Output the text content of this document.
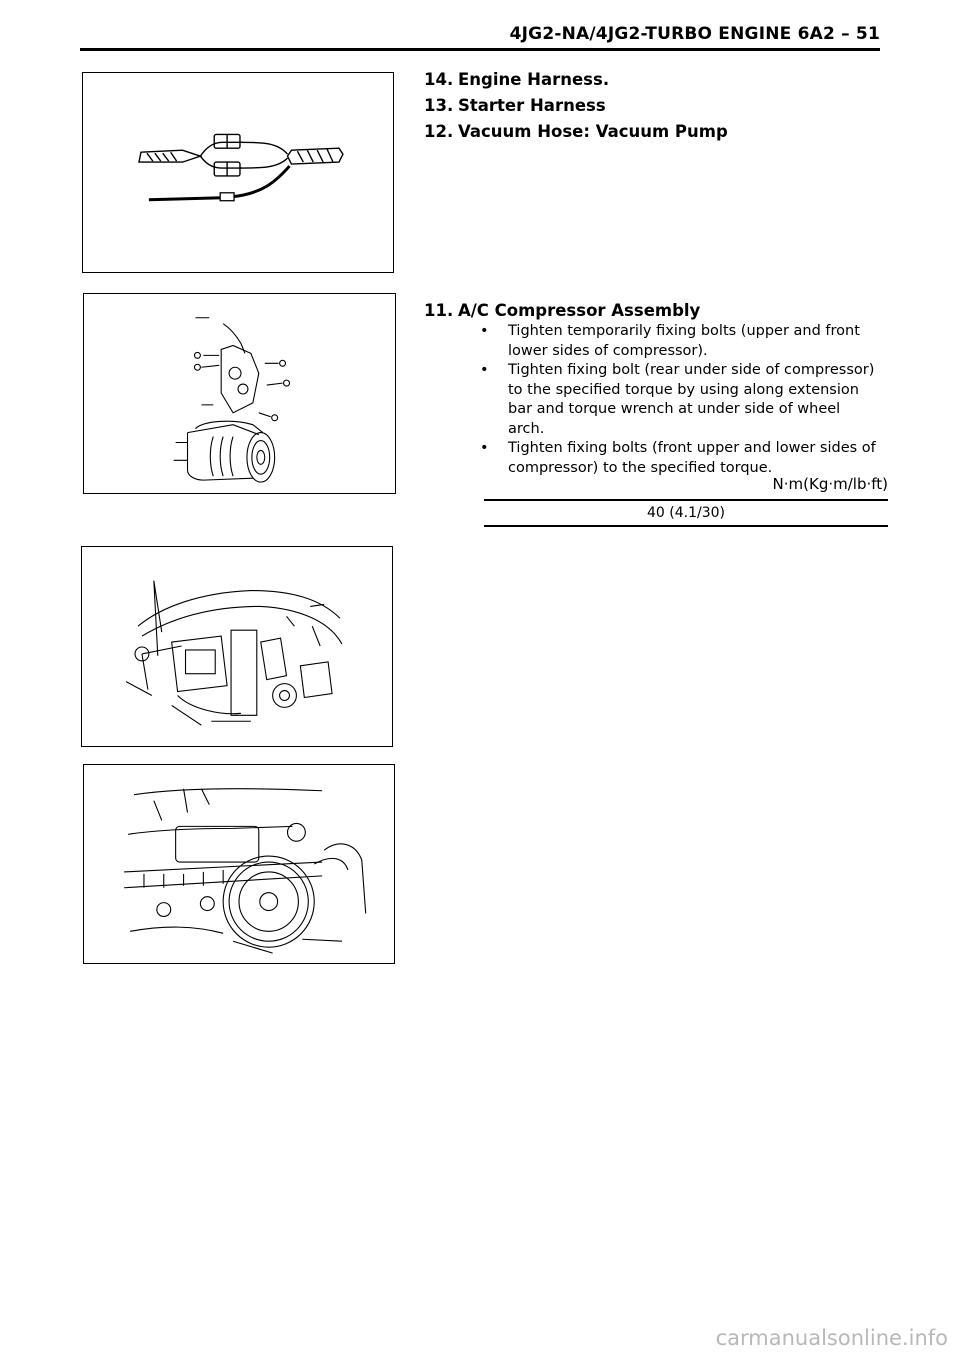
4JG2-NA/4JG2-TURBO ENGINE 6A2 – 51
14. Engine Harness.
13. Starter Harness
12. Vacuum Hose: Vacuum Pump
11. A/C Compressor Assembly
• Tighten temporarily fixing bolts (upper and front lower sides of compressor).
• Tighten fixing bolt (rear under side of compressor) to the specified torque by using along extension bar and torque wrench at under side of wheel arch.
• Tighten fixing bolts (front upper and lower sides of compressor) to the specified torque.
N·m(Kg·m/lb·ft)
40 (4.1/30)
carmanualsonline.info
